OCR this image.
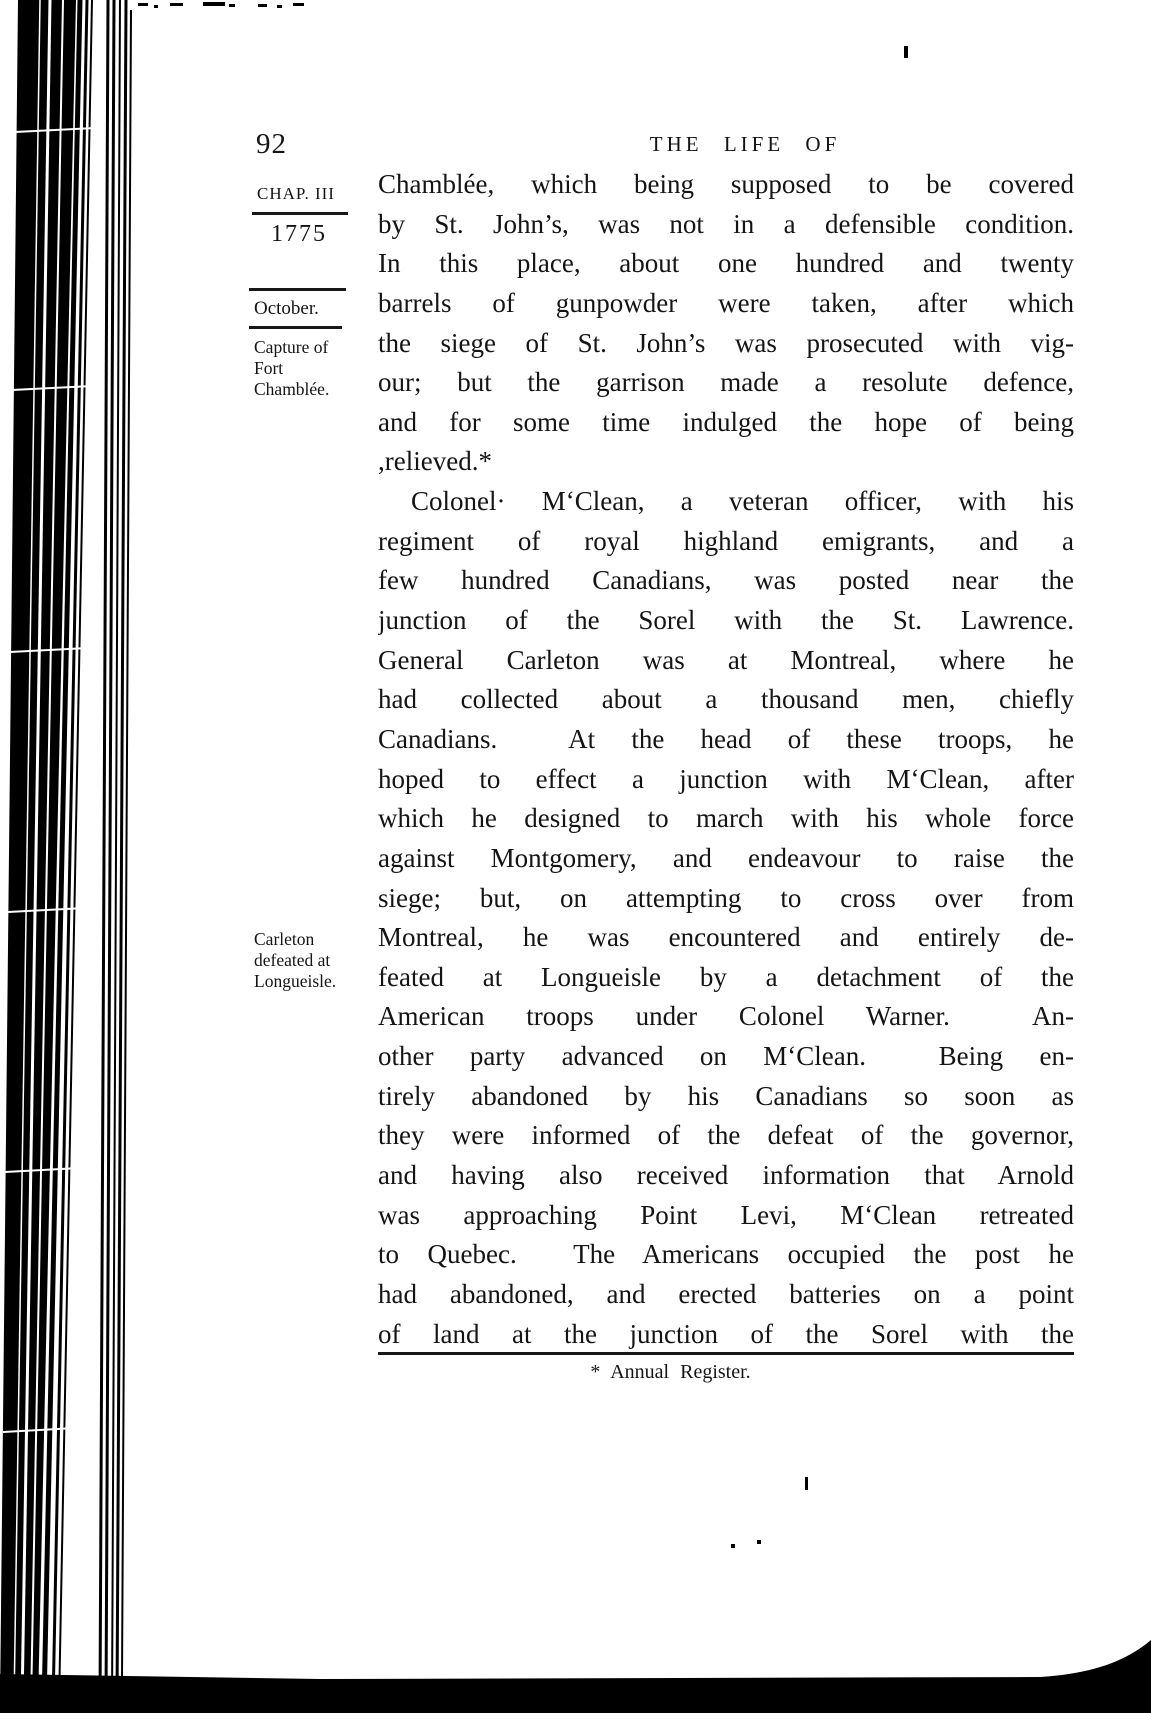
92	THE LIFE OF
CHAP. III
1775
October.
Capture of
Fort
Chamblée.
Carleton
defeated at
Longueisle.
Chamblée, which being supposed to be covered
by St. John’s, was not in a defensible condition.
In this place, about one hundred and twenty
barrels of gunpowder were taken, after which
the siege of St. John’s was prosecuted with vig-
our; but the garrison made a resolute defence,
and for some time indulged the hope of being
,relieved.*
Colonel· M‘Clean, a veteran officer, with his
regiment of royal highland emigrants, and a
few hundred Canadians, was posted near the
junction of the Sorel with the St. Lawrence.
General Carleton was at Montreal, where he
had collected about a thousand men, chiefly
Canadians.  At the head of these troops, he
hoped to effect a junction with M‘Clean, after
which he designed to march with his whole force
against Montgomery, and endeavour to raise the
siege; but, on attempting to cross over from
Montreal, he was encountered and entirely de-
feated at Longueisle by a detachment of the
American troops under Colonel Warner.  An-
other party advanced on M‘Clean.  Being en-
tirely abandoned by his Canadians so soon as
they were informed of the defeat of the governor,
and having also received information that Arnold
was approaching Point Levi, M‘Clean retreated
to Quebec.  The Americans occupied the post he
had abandoned, and erected batteries on a point
of land at the junction of the Sorel with the
* Annual Register.
